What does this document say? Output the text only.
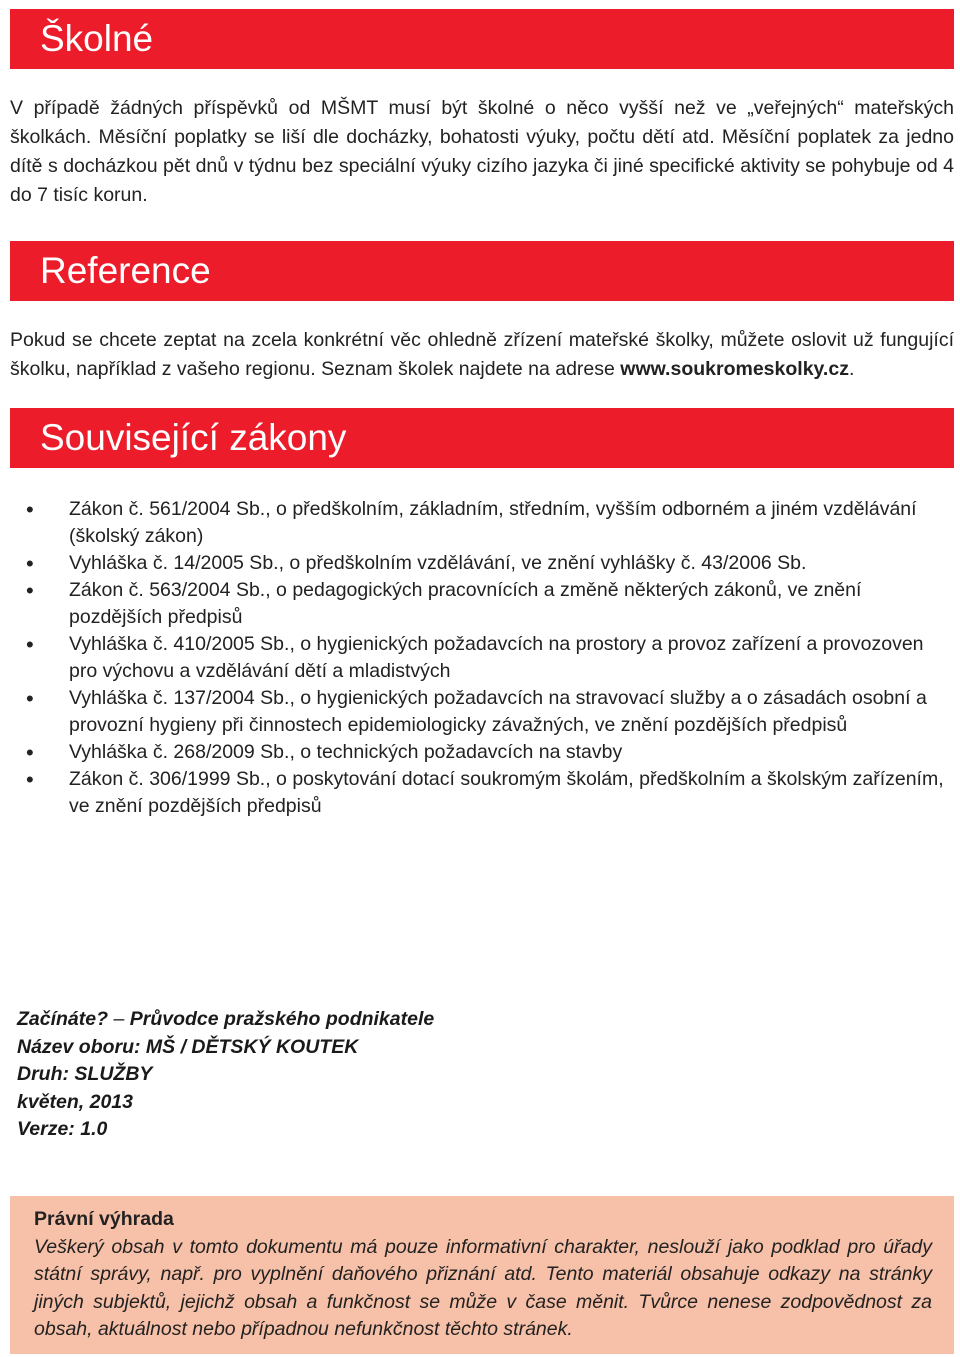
Školné

V případě žádných příspěvků od MŠMT musí být školné o něco vyšší než ve „veřejných“ mateřských školkách. Měsíční poplatky se liší dle docházky, bohatosti výuky, počtu dětí atd. Měsíční poplatek za jedno dítě s docházkou pět dnů v týdnu bez speciální výuky cizího jazyka či jiné specifické aktivity se pohybuje od 4 do 7 tisíc korun.

Reference

Pokud se chcete zeptat na zcela konkrétní věc ohledně zřízení mateřské školky, můžete oslovit už fungující školku, například z vašeho regionu. Seznam školek najdete na adrese www.soukromeskolky.cz.

Související zákony
• Zákon č. 561/2004 Sb., o předškolním, základním, středním, vyšším odborném a jiném vzdělávání (školský zákon)
• Vyhláška č. 14/2005 Sb., o předškolním vzdělávání, ve znění vyhlášky č. 43/2006 Sb.
• Zákon č. 563/2004 Sb., o pedagogických pracovnících a změně některých zákonů, ve znění pozdějších předpisů
• Vyhláška č. 410/2005 Sb., o hygienických požadavcích na prostory a provoz zařízení a provozoven pro výchovu a vzdělávání dětí a mladistvých
• Vyhláška č. 137/2004 Sb., o hygienických požadavcích na stravovací služby a o zásadách osobní a provozní hygieny při činnostech epidemiologicky závažných, ve znění pozdějších předpisů
• Vyhláška č. 268/2009 Sb., o technických požadavcích na stavby
• Zákon č. 306/1999 Sb., o poskytování dotací soukromým školám, předškolním a školským zařízením, ve znění pozdějších předpisů
Začínáte? – Průvodce pražského podnikatele
Název oboru: MŠ / DĚTSKÝ KOUTEK
Druh: SLUŽBY
květen, 2013
Verze: 1.0
Právní výhrada
Veškerý obsah v tomto dokumentu má pouze informativní charakter, neslouží jako podklad pro úřady státní správy, např. pro vyplnění daňového přiznání atd. Tento materiál obsahuje odkazy na stránky jiných subjektů, jejichž obsah a funkčnost se může v čase měnit. Tvůrce nenese zodpovědnost za obsah, aktuálnost nebo případnou nefunkčnost těchto stránek.
